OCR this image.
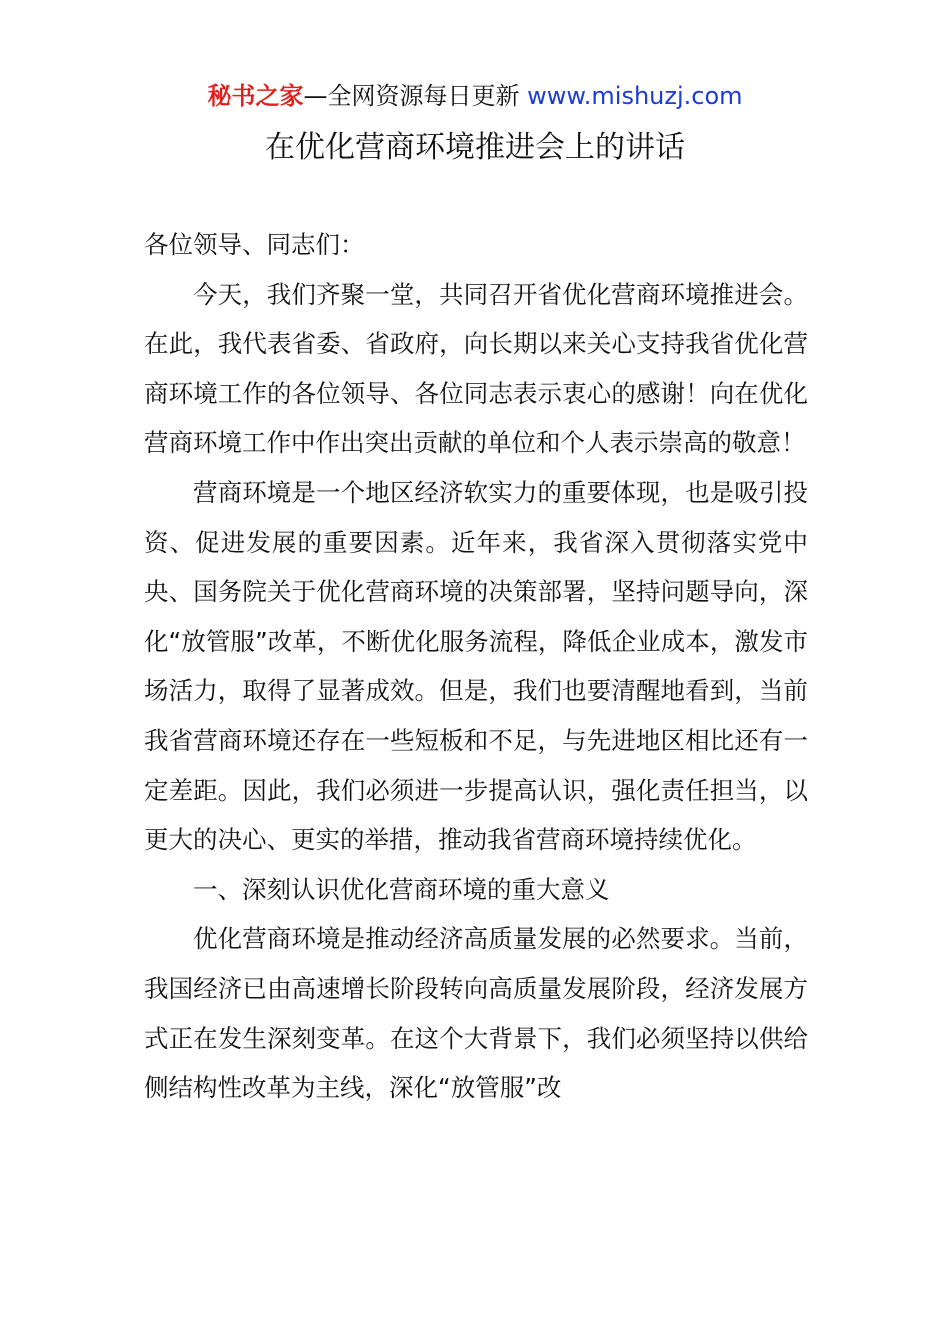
秘书之家—全网资源每日更新 www.mishuzj.com
在优化营商环境推进会上的讲话

各位领导、同志们：

今天，我们齐聚一堂，共同召开省优化营商环境推进会。在此，我代表省委、省政府，向长期以来关心支持我省优化营商环境工作的各位领导、各位同志表示衷心的感谢！向在优化营商环境工作中作出突出贡献的单位和个人表示崇高的敬意！

营商环境是一个地区经济软实力的重要体现，也是吸引投资、促进发展的重要因素。近年来，我省深入贯彻落实党中央、国务院关于优化营商环境的决策部署，坚持问题导向，深化“放管服”改革，不断优化服务流程，降低企业成本，激发市场活力，取得了显著成效。但是，我们也要清醒地看到，当前我省营商环境还存在一些短板和不足，与先进地区相比还有一定差距。因此，我们必须进一步提高认识，强化责任担当，以更大的决心、更实的举措，推动我省营商环境持续优化。

一、深刻认识优化营商环境的重大意义

优化营商环境是推动经济高质量发展的必然要求。当前，我国经济已由高速增长阶段转向高质量发展阶段，经济发展方式正在发生深刻变革。在这个大背景下，我们必须坚持以供给侧结构性改革为主线，深化“放管服”改
